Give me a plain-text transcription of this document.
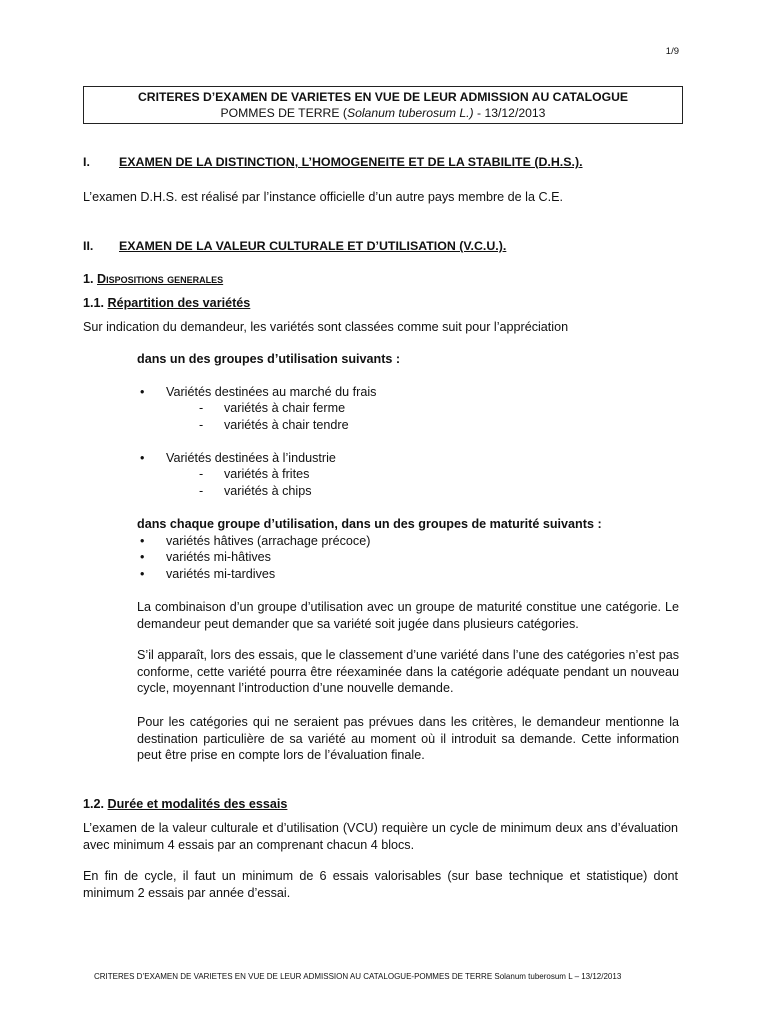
1/9
CRITERES D’EXAMEN DE VARIETES EN VUE DE LEUR ADMISSION AU CATALOGUE
POMMES DE TERRE (Solanum tuberosum L.) - 13/12/2013
I. EXAMEN DE LA DISTINCTION, L’HOMOGENEITE ET DE LA STABILITE (D.H.S.).
L’examen D.H.S. est réalisé par l’instance officielle d’un autre pays membre de la C.E.
II. EXAMEN DE LA VALEUR CULTURALE ET D’UTILISATION (V.C.U.).
1. Dispositions generales
1.1. Répartition des variétés
Sur indication du demandeur, les variétés sont classées comme suit pour l’appréciation
dans un des groupes d’utilisation suivants :
• Variétés destinées au marché du frais
- variétés à chair ferme
- variétés à chair tendre
• Variétés destinées à l’industrie
- variétés à frites
- variétés à chips
dans chaque groupe d’utilisation, dans un des groupes de maturité suivants :
• variétés hâtives (arrachage précoce)
• variétés mi-hâtives
• variétés mi-tardives
La combinaison d’un groupe d’utilisation avec un groupe de maturité constitue une catégorie. Le demandeur peut demander que sa variété soit jugée dans plusieurs catégories.
S’il apparaît, lors des essais, que le classement d’une variété dans l’une des catégories n’est pas conforme, cette variété pourra être réexaminée dans la catégorie adéquate pendant un nouveau cycle, moyennant l’introduction d’une nouvelle demande.
Pour les catégories qui ne seraient pas prévues dans les critères, le demandeur mentionne la destination particulière de sa variété au moment où il introduit sa demande. Cette information peut être prise en compte lors de l’évaluation finale.
1.2. Durée et modalités des essais
L’examen de la valeur culturale et d’utilisation (VCU) requière un cycle de minimum deux ans d’évaluation avec minimum 4 essais par an comprenant chacun 4 blocs.
En fin de cycle, il faut un minimum de 6 essais valorisables (sur base technique et statistique) dont minimum 2 essais par année d’essai.
CRITERES D’EXAMEN DE VARIETES EN VUE DE LEUR ADMISSION AU CATALOGUE-POMMES DE TERRE Solanum tuberosum L – 13/12/2013
